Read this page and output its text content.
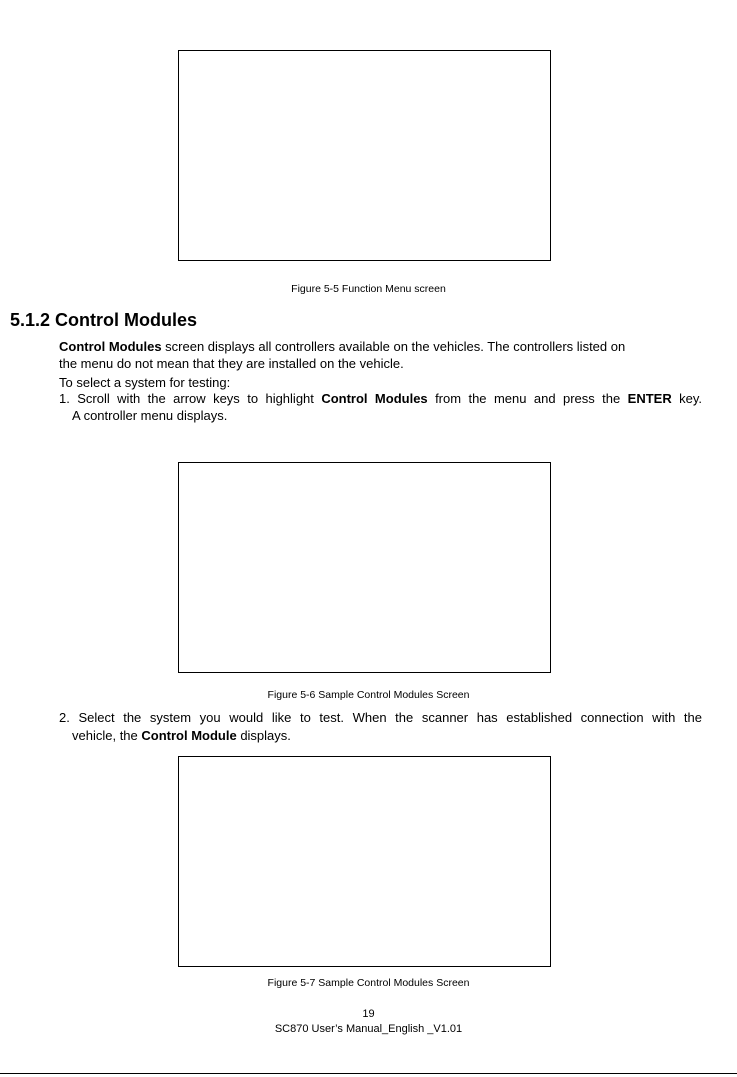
Figure 5-5 Function Menu screen
5.1.2 Control Modules
Control Modules screen displays all controllers available on the vehicles. The controllers listed on
the menu do not mean that they are installed on the vehicle.
To select a system for testing:
1. Scroll with the arrow keys to highlight Control Modules from the menu and press the ENTER key.
A controller menu displays.
Figure 5-6 Sample Control Modules Screen
2. Select the system you would like to test. When the scanner has established connection with the
vehicle, the Control Module displays.
Figure 5-7 Sample Control Modules Screen
19
SC870 User’s Manual_English _V1.01
